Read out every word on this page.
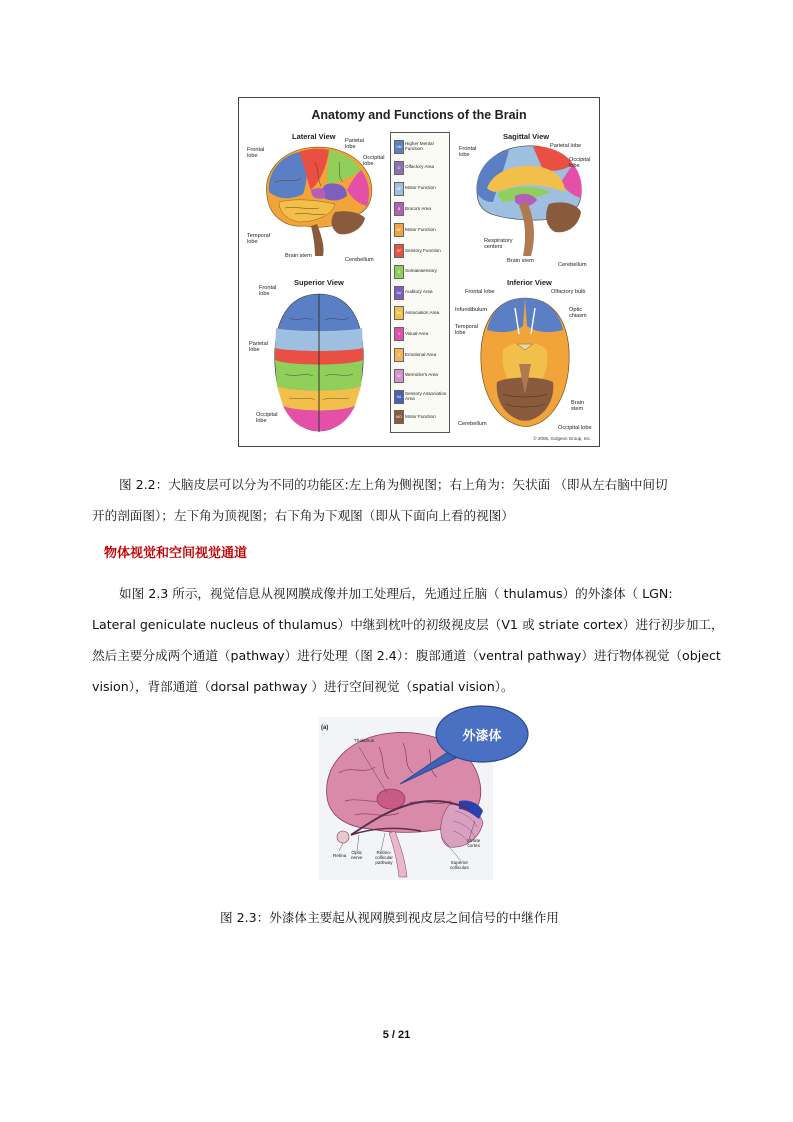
Anatomy and Functions of the Brain
Lateral View
Frontal
lobe
Parietal
lobe
Occipital
lobe
Temporal
lobe
Brain stem
Cerebellum
Superior View
Frontal
lobe
Parietal
lobe
Occipital
lobe
HM
Higher Mental Function
O	Olfactory Area
MF Motor Function
B	Broca's Area
MF Motor Function
SF Sensory Function
S	Somatosensory
AU Auditory Area
AA Association Area
V	Visual Area
E	Emotional Area
W Wernicke's Area
SA
Sensory Association Area
MO Motor Function
Sagittal View
Frontal
lobe
Parietal lobe
Occipital
lobe
Respiratory
centers
Brain stem
Cerebellum
Inferior View
Frontal lobe	Olfactory bulb
Infundibulum	Optic
chiasm
Temporal
lobe
Brain
stem
Cerebellum
Occipital lobe
© 2005, Golgeon Group, Inc.
图 2.2：大脑皮层可以分为不同的功能区:左上角为侧视图；右上角为：矢状面 （即从左右脑中间切
开的剖面图）；左下角为顶视图；右下角为下观图（即从下面向上看的视图）
物体视觉和空间视觉通道
如图 2.3 所示，视觉信息从视网膜成像并加工处理后，先通过丘脑（ thulamus）的外漆体（ LGN:
Lateral geniculate nucleus of thulamus）中继到枕叶的初级视皮层（V1 或 striate cortex）进行初步加工，
然后主要分成两个通道（pathway）进行处理（图 2.4）：腹部通道（ventral pathway）进行物体视觉（object
vision），背部通道（dorsal pathway ）进行空间视觉（spatial vision）。
(a)
Thalamus
Retina
Optic
nerve
Retino-
collicular
pathway	Superior
colliculus
Striate
cortex
外漆体
图 2.3：外漆体主要起从视网膜到视皮层之间信号的中继作用
5 / 21
